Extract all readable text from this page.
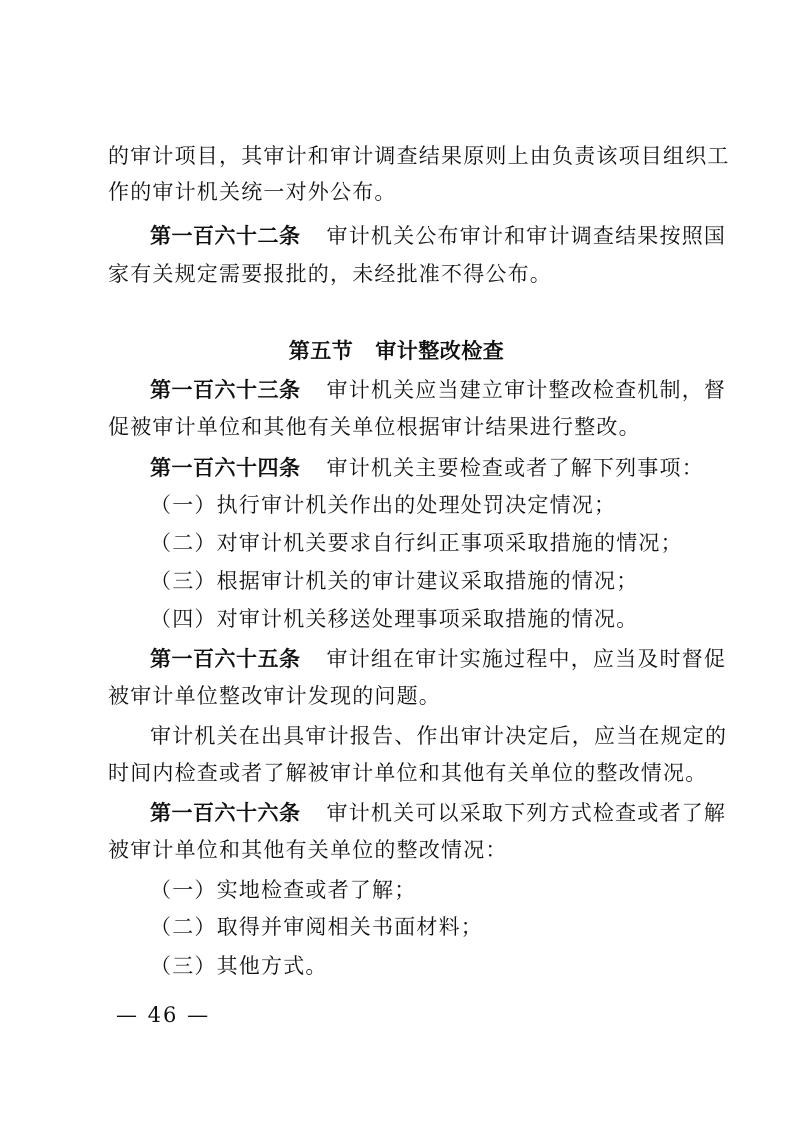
的审计项目，其审计和审计调查结果原则上由负责该项目组织工
作的审计机关统一对外公布。
第一百六十二条 审计机关公布审计和审计调查结果按照国
家有关规定需要报批的，未经批准不得公布。
第五节 审计整改检查
第一百六十三条 审计机关应当建立审计整改检查机制，督
促被审计单位和其他有关单位根据审计结果进行整改。
第一百六十四条 审计机关主要检查或者了解下列事项：
（一）执行审计机关作出的处理处罚决定情况；
（二）对审计机关要求自行纠正事项采取措施的情况；
（三）根据审计机关的审计建议采取措施的情况；
（四）对审计机关移送处理事项采取措施的情况。
第一百六十五条 审计组在审计实施过程中，应当及时督促
被审计单位整改审计发现的问题。
审计机关在出具审计报告、作出审计决定后，应当在规定的
时间内检查或者了解被审计单位和其他有关单位的整改情况。
第一百六十六条 审计机关可以采取下列方式检查或者了解
被审计单位和其他有关单位的整改情况：
（一）实地检查或者了解；
（二）取得并审阅相关书面材料；
（三）其他方式。
— 46 —
